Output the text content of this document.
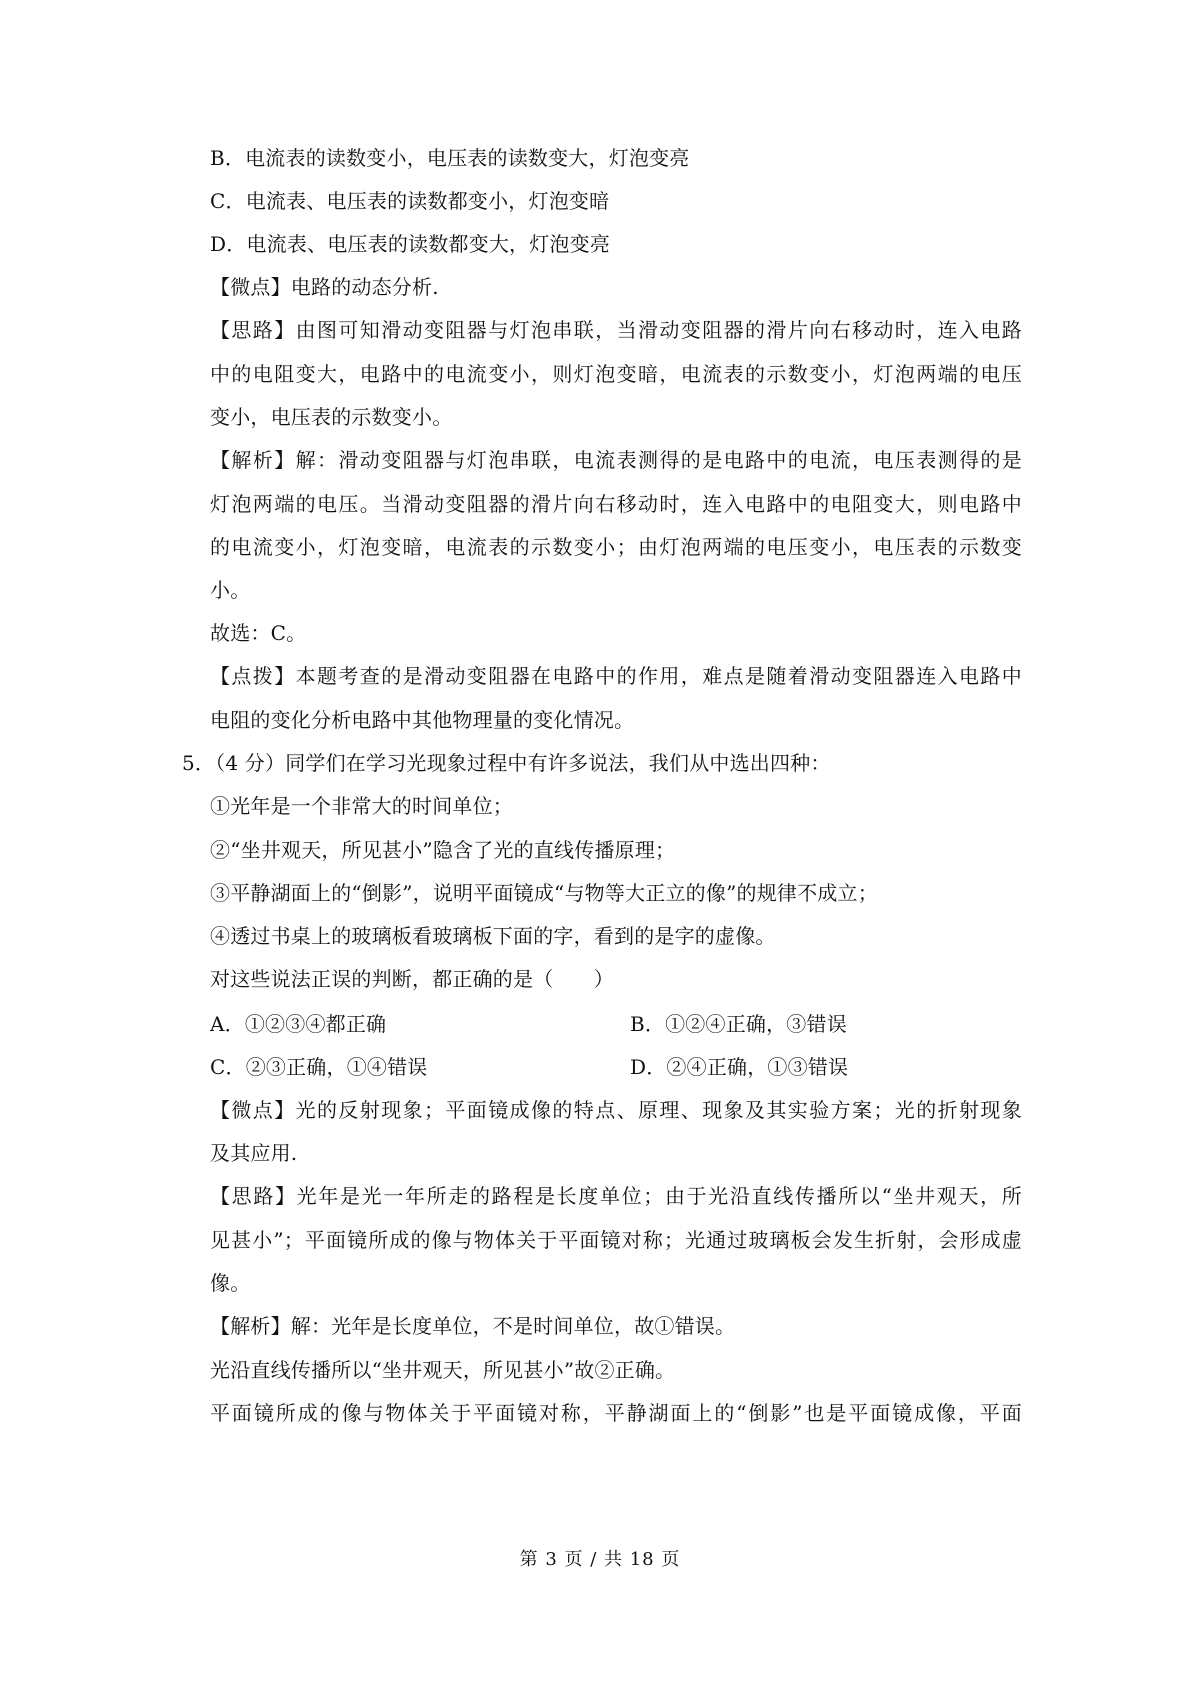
B．电流表的读数变小，电压表的读数变大，灯泡变亮
C．电流表、电压表的读数都变小，灯泡变暗
D．电流表、电压表的读数都变大，灯泡变亮
【微点】电路的动态分析.
【思路】由图可知滑动变阻器与灯泡串联，当滑动变阻器的滑片向右移动时，连入电路
中的电阻变大，电路中的电流变小，则灯泡变暗，电流表的示数变小，灯泡两端的电压
变小，电压表的示数变小。
【解析】解：滑动变阻器与灯泡串联，电流表测得的是电路中的电流，电压表测得的是
灯泡两端的电压。当滑动变阻器的滑片向右移动时，连入电路中的电阻变大，则电路中
的电流变小，灯泡变暗，电流表的示数变小；由灯泡两端的电压变小，电压表的示数变
小。
故选：C。
【点拨】本题考查的是滑动变阻器在电路中的作用，难点是随着滑动变阻器连入电路中
电阻的变化分析电路中其他物理量的变化情况。
5．（4 分）同学们在学习光现象过程中有许多说法，我们从中选出四种：
①光年是一个非常大的时间单位；
②“坐井观天，所见甚小”隐含了光的直线传播原理；
③平静湖面上的“倒影”，说明平面镜成“与物等大正立的像”的规律不成立；
④透过书桌上的玻璃板看玻璃板下面的字，看到的是字的虚像。
对这些说法正误的判断，都正确的是（　　）
A．①②③④都正确	B．①②④正确，③错误
C．②③正确，①④错误	D．②④正确，①③错误
【微点】光的反射现象；平面镜成像的特点、原理、现象及其实验方案；光的折射现象
及其应用.
【思路】光年是光一年所走的路程是长度单位；由于光沿直线传播所以“坐井观天，所
见甚小”；平面镜所成的像与物体关于平面镜对称；光通过玻璃板会发生折射，会形成虚
像。
【解析】解：光年是长度单位，不是时间单位，故①错误。
光沿直线传播所以“坐井观天，所见甚小”故②正确。
平面镜所成的像与物体关于平面镜对称，平静湖面上的“倒影”也是平面镜成像，平面
第 3 页 / 共 18 页
